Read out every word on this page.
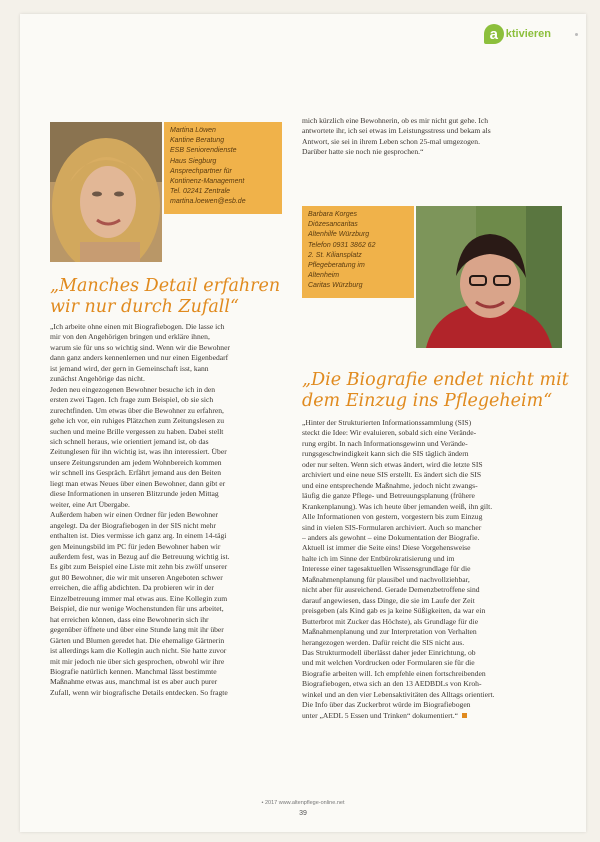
a ktivieren
Martina Löwen
Kantine Beratung
ESB Seniorendienste
Haus Siegburg
Ansprechpartner für
Kontinenz-Management
Tel. 02241 Zentrale
martina.loewen@esb.de
„Manches Detail erfahren
wir nur durch Zufall“
„Ich arbeite ohne einen mit Biografiebogen. Die lasse ich
mir von den Angehörigen bringen und erkläre ihnen,
warum sie für uns so wichtig sind. Wenn wir die Bewohner
dann ganz anders kennenlernen und nur einen Eigenbedarf
ist jemand wird, der gern in Gemeinschaft isst, kann
zunächst Angehörige das nicht.
Jeden neu eingezogenen Bewohner besuche ich in den
ersten zwei Tagen. Ich frage zum Beispiel, ob sie sich
zurechtfinden. Um etwas über die Bewohner zu erfahren,
gehe ich vor, ein ruhiges Plätzchen zum Zeitungslesen zu
suchen und meine Brille vergessen zu haben. Dabei stellt
sich schnell heraus, wie orientiert jemand ist, ob das
Zeitunglesen für ihn wichtig ist, was ihn interessiert. Über
unsere Zeitungsrunden am jedem Wohnbereich kommen
wir schnell ins Gespräch. Erfährt jemand aus den Beiten
liegt man etwas Neues über einen Bewohner, dann gibt er
diese Informationen in unseren Blitzrunde jeden Mittag
weiter, eine Art Übergabe.
Außerdem haben wir einen Ordner für jeden Bewohner
angelegt. Da der Biografiebogen in der SIS nicht mehr
enthalten ist. Dies vermisse ich ganz arg. In einem 14-tägi
gen Meinungsbild im PC für jeden Bewohner haben wir
außerdem fest, was in Bezug auf die Betreuung wichtig ist.
Es gibt zum Beispiel eine Liste mit zehn bis zwölf unserer
gut 80 Bewohner, die wir mit unseren Angeboten schwer
erreichen, die affig abdichten. Da probieren wir in der
Einzelbetreuung immer mal etwas aus. Eine Kollegin zum
Beispiel, die nur wenige Wochenstunden für uns arbeitet,
hat erreichen können, dass eine Bewohnerin sich ihr
gegenüber öffnete und über eine Stunde lang mit ihr über
Gärten und Blumen geredet hat. Die ehemalige Gärtnerin
ist allerdings kam die Kollegin auch nicht. Sie hatte zuvor
mit mir jedoch nie über sich gesprochen, obwohl wir ihre
Biografie natürlich kennen. Manchmal lässt bestimmte
Maßnahme etwas aus, manchmal ist es aber auch purer
Zufall, wenn wir biografische Details entdecken. So fragte
mich kürzlich eine Bewohnerin, ob es mir nicht gut gehe. Ich
antwortete ihr, ich sei etwas im Leistungsstress und bekam als
Antwort, sie sei in ihrem Leben schon 25-mal umgezogen.
Darüber hatte sie noch nie gesprochen.“
Barbara Korges
Diözesancaritas
Altenhilfe Würzburg
Telefon 0931 3862 62
2. St. Kiliansplatz
Pflegeberatung im
Altenheim
Caritas Würzburg
„Die Biografie endet nicht mit
dem Einzug ins Pflegeheim“
„Hinter der Strukturierten Informationssammlung (SIS)
steckt die Idee: Wir evaluieren, sobald sich eine Verände-
rung ergibt. In nach Informationsgewinn und Verände-
rungsgeschwindigkeit kann sich die SIS täglich ändern
oder nur selten. Wenn sich etwas ändert, wird die letzte SIS
archiviert und eine neue SIS erstellt. Es ändert sich die SIS
und eine entsprechende Maßnahme, jedoch nicht zwangs-
läufig die ganze Pflege- und Betreuungsplanung (frühere
Krankenplanung). Was ich heute über jemanden weiß, ihn gilt.
Alle Informationen von gestern, vorgestern bis zum Einzug
sind in vielen SIS-Formularen archiviert. Auch so mancher
– anders als gewohnt – eine Dokumentation der Biografie.
Aktuell ist immer die Seite eins! Diese Vorgehensweise
halte ich im Sinne der Entbürokratisierung und im
Interesse einer tagesaktuellen Wissensgrundlage für die
Maßnahmenplanung für plausibel und nachvollziehbar,
nicht aber für ausreichend. Gerade Demenzbetroffene sind
darauf angewiesen, dass Dinge, die sie im Laufe der Zeit
preisgeben (als Kind gab es ja keine Süßigkeiten, da war ein
Butterbrot mit Zucker das Höchste), als Grundlage für die
Maßnahmenplanung und zur Interpretation von Verhalten
herangezogen werden. Dafür reicht die SIS nicht aus.
Das Strukturmodell überlässt daher jeder Einrichtung, ob
und mit welchen Vordrucken oder Formularen sie für die
Biografie arbeiten will. Ich empfehle einen fortschreibenden
Biografiebogen, etwa sich an den 13 AEDBDLs von Kroh-
winkel und an den vier Lebensaktivitäten des Alltags orientiert.
Die Info über das Zuckerbrot würde im Biografiebogen
unter „AEDL 5 Essen und Trinken“ dokumentiert.“
• 2017 www.altenpflege-online.net
39
